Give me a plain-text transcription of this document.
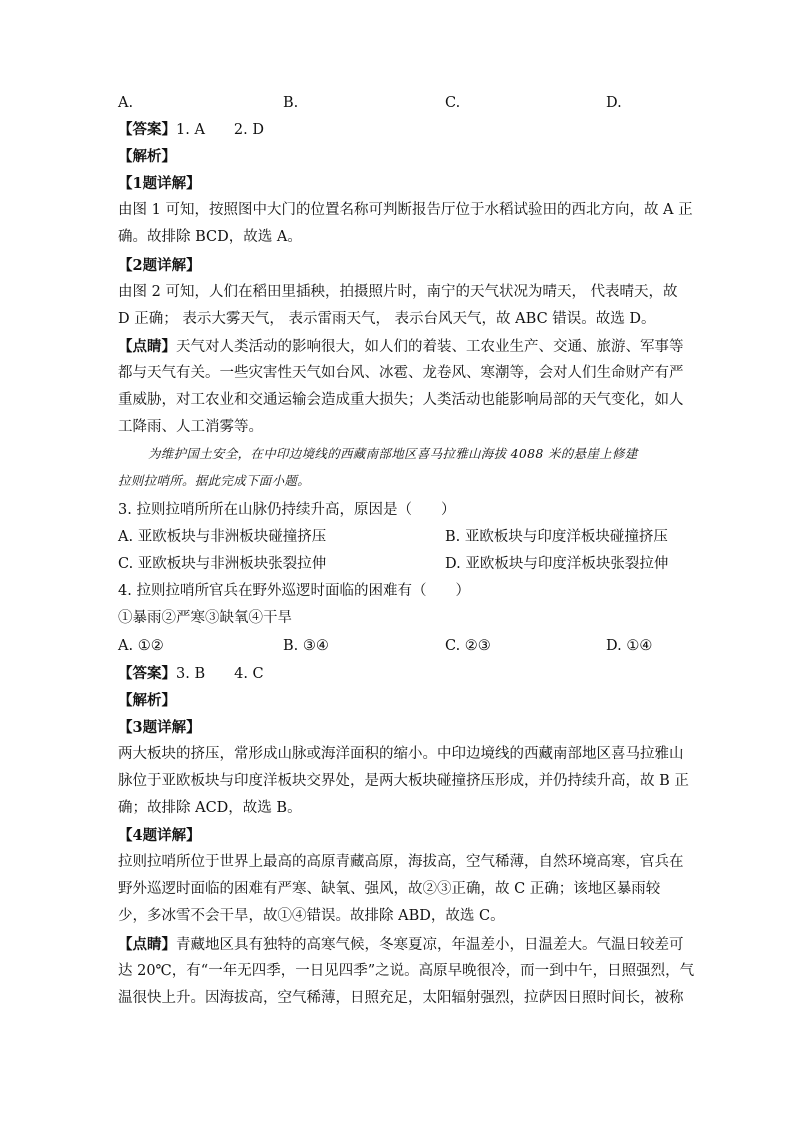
A.	B.	C.	D.
【答案】1. A　　2. D
【解析】
【1题详解】
由图 1 可知，按照图中大门的位置名称可判断报告厅位于水稻试验田的西北方向，故 A 正
确。故排除 BCD，故选 A。
【2题详解】
由图 2 可知，人们在稻田里插秧，拍摄照片时，南宁的天气状况为晴天， 代表晴天，故
D 正确； 表示大雾天气， 表示雷雨天气， 表示台风天气，故 ABC 错误。故选 D。
【点睛】天气对人类活动的影响很大，如人们的着装、工农业生产、交通、旅游、军事等
都与天气有关。一些灾害性天气如台风、冰雹、龙卷风、寒潮等，会对人们生命财产有严
重威胁，对工农业和交通运输会造成重大损失；人类活动也能影响局部的天气变化，如人
工降雨、人工消雾等。
为维护国土安全，在中印边境线的西藏南部地区喜马拉雅山海拔 4088 米的悬崖上修建
拉则拉哨所。据此完成下面小题。
3. 拉则拉哨所所在山脉仍持续升高，原因是（　　）
A. 亚欧板块与非洲板块碰撞挤压	B. 亚欧板块与印度洋板块碰撞挤压
C. 亚欧板块与非洲板块张裂拉伸	D. 亚欧板块与印度洋板块张裂拉伸
4. 拉则拉哨所官兵在野外巡逻时面临的困难有（　　）
①暴雨②严寒③缺氧④干旱
A. ①②	B. ③④	C. ②③	D. ①④
【答案】3. B　　4. C
【解析】
【3题详解】
两大板块的挤压，常形成山脉或海洋面积的缩小。中印边境线的西藏南部地区喜马拉雅山
脉位于亚欧板块与印度洋板块交界处，是两大板块碰撞挤压形成，并仍持续升高，故 B 正
确；故排除 ACD，故选 B。
【4题详解】
拉则拉哨所位于世界上最高的高原青藏高原，海拔高，空气稀薄，自然环境高寒，官兵在
野外巡逻时面临的困难有严寒、缺氧、强风，故②③正确，故 C 正确；该地区暴雨较
少，多冰雪不会干旱，故①④错误。故排除 ABD，故选 C。
【点睛】青藏地区具有独特的高寒气候，冬寒夏凉，年温差小，日温差大。气温日较差可
达 20℃，有“一年无四季，一日见四季”之说。高原早晚很冷，而一到中午，日照强烈，气
温很快上升。因海拔高，空气稀薄，日照充足，太阳辐射强烈，拉萨因日照时间长，被称
